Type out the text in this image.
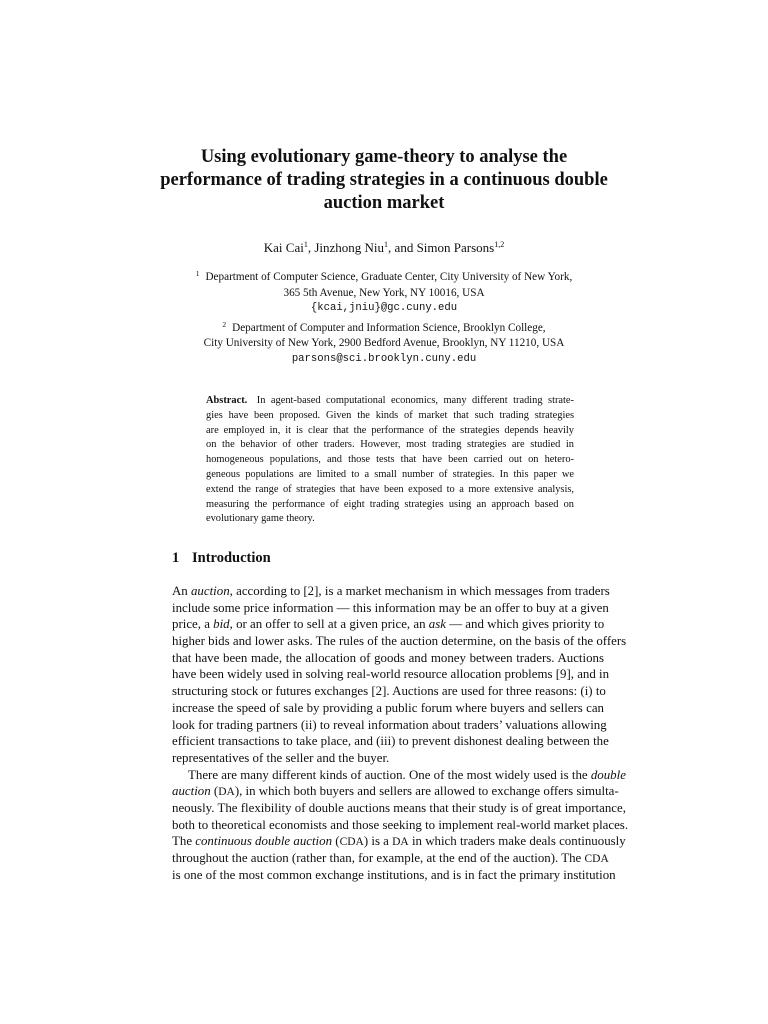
Using evolutionary game-theory to analyse the
performance of trading strategies in a continuous double
auction market
Kai Cai$^1$, Jinzhong Niu$^1$, and Simon Parsons$^{1,2}$
$^1$ Department of Computer Science, Graduate Center, City University of New York,
365 5th Avenue, New York, NY 10016, USA
{kcai,jniu}@gc.cuny.edu
$^2$ Department of Computer and Information Science, Brooklyn College,
City University of New York, 2900 Bedford Avenue, Brooklyn, NY 11210, USA
parsons@sci.brooklyn.cuny.edu
Abstract. In agent-based computational economics, many different trading strate-
gies have been proposed. Given the kinds of market that such trading strategies
are employed in, it is clear that the performance of the strategies depends heavily
on the behavior of other traders. However, most trading strategies are studied in
homogeneous populations, and those tests that have been carried out on hetero-
geneous populations are limited to a small number of strategies. In this paper we
extend the range of strategies that have been exposed to a more extensive analysis,
measuring the performance of eight trading strategies using an approach based on
evolutionary game theory.
1 Introduction
An auction, according to [2], is a market mechanism in which messages from traders
include some price information — this information may be an offer to buy at a given
price, a bid, or an offer to sell at a given price, an ask — and which gives priority to
higher bids and lower asks. The rules of the auction determine, on the basis of the offers
that have been made, the allocation of goods and money between traders. Auctions
have been widely used in solving real-world resource allocation problems [9], and in
structuring stock or futures exchanges [2]. Auctions are used for three reasons: (i) to
increase the speed of sale by providing a public forum where buyers and sellers can
look for trading partners (ii) to reveal information about traders’ valuations allowing
efficient transactions to take place, and (iii) to prevent dishonest dealing between the
representatives of the seller and the buyer.
There are many different kinds of auction. One of the most widely used is the double
auction (DA), in which both buyers and sellers are allowed to exchange offers simulta-
neously. The flexibility of double auctions means that their study is of great importance,
both to theoretical economists and those seeking to implement real-world market places.
The continuous double auction (CDA) is a DA in which traders make deals continuously
throughout the auction (rather than, for example, at the end of the auction). The CDA
is one of the most common exchange institutions, and is in fact the primary institution
